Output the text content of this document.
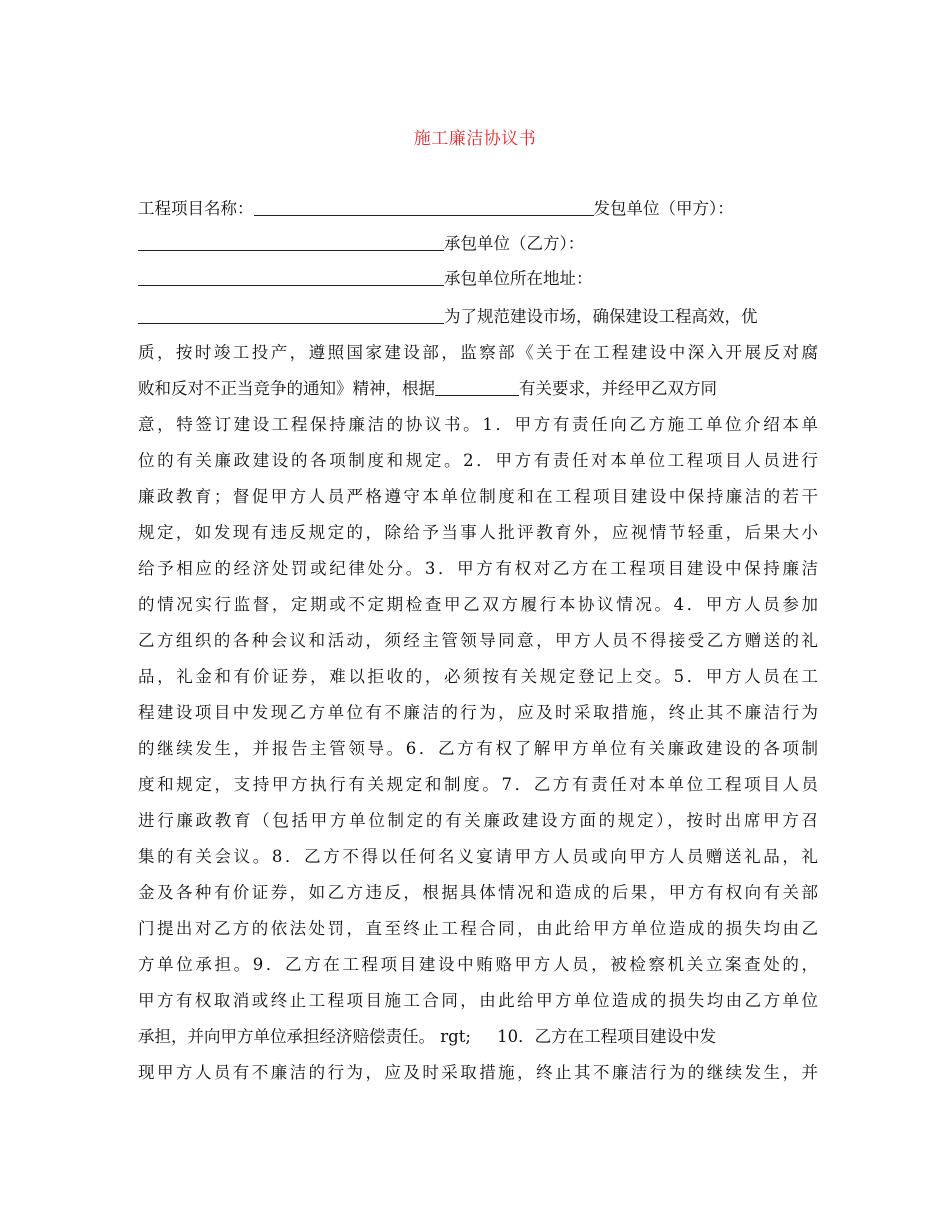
施工廉洁协议书
工程项目名称：	发包单位（甲方）：
承包单位（乙方）：
承包单位所在地址：
为了规范建设市场，确保建设工程高效，优
质，按时竣工投产，遵照国家建设部，监察部《关于在工程建设中深入开展反对腐
败和反对不正当竞争的通知》精神，根据	有关要求，并经甲乙双方同
意，特签订建设工程保持廉洁的协议书。1．甲方有责任向乙方施工单位介绍本单
位的有关廉政建设的各项制度和规定。2．甲方有责任对本单位工程项目人员进行
廉政教育；督促甲方人员严格遵守本单位制度和在工程项目建设中保持廉洁的若干
规定，如发现有违反规定的，除给予当事人批评教育外，应视情节轻重，后果大小
给予相应的经济处罚或纪律处分。3．甲方有权对乙方在工程项目建设中保持廉洁
的情况实行监督，定期或不定期检查甲乙双方履行本协议情况。4．甲方人员参加
乙方组织的各种会议和活动，须经主管领导同意，甲方人员不得接受乙方赠送的礼
品，礼金和有价证券，难以拒收的，必须按有关规定登记上交。5．甲方人员在工
程建设项目中发现乙方单位有不廉洁的行为，应及时采取措施，终止其不廉洁行为
的继续发生，并报告主管领导。6．乙方有权了解甲方单位有关廉政建设的各项制
度和规定，支持甲方执行有关规定和制度。7．乙方有责任对本单位工程项目人员
进行廉政教育（包括甲方单位制定的有关廉政建设方面的规定），按时出席甲方召
集的有关会议。8．乙方不得以任何名义宴请甲方人员或向甲方人员赠送礼品，礼
金及各种有价证券，如乙方违反，根据具体情况和造成的后果，甲方有权向有关部
门提出对乙方的依法处罚，直至终止工程合同，由此给甲方单位造成的损失均由乙
方单位承担。9．乙方在工程项目建设中贿赂甲方人员，被检察机关立案查处的，
甲方有权取消或终止工程项目施工合同，由此给甲方单位造成的损失均由乙方单位
承担，并向甲方单位承担经济赔偿责任。 rgt;     10．乙方在工程项目建设中发
现甲方人员有不廉洁的行为，应及时采取措施，终止其不廉洁行为的继续发生，并
